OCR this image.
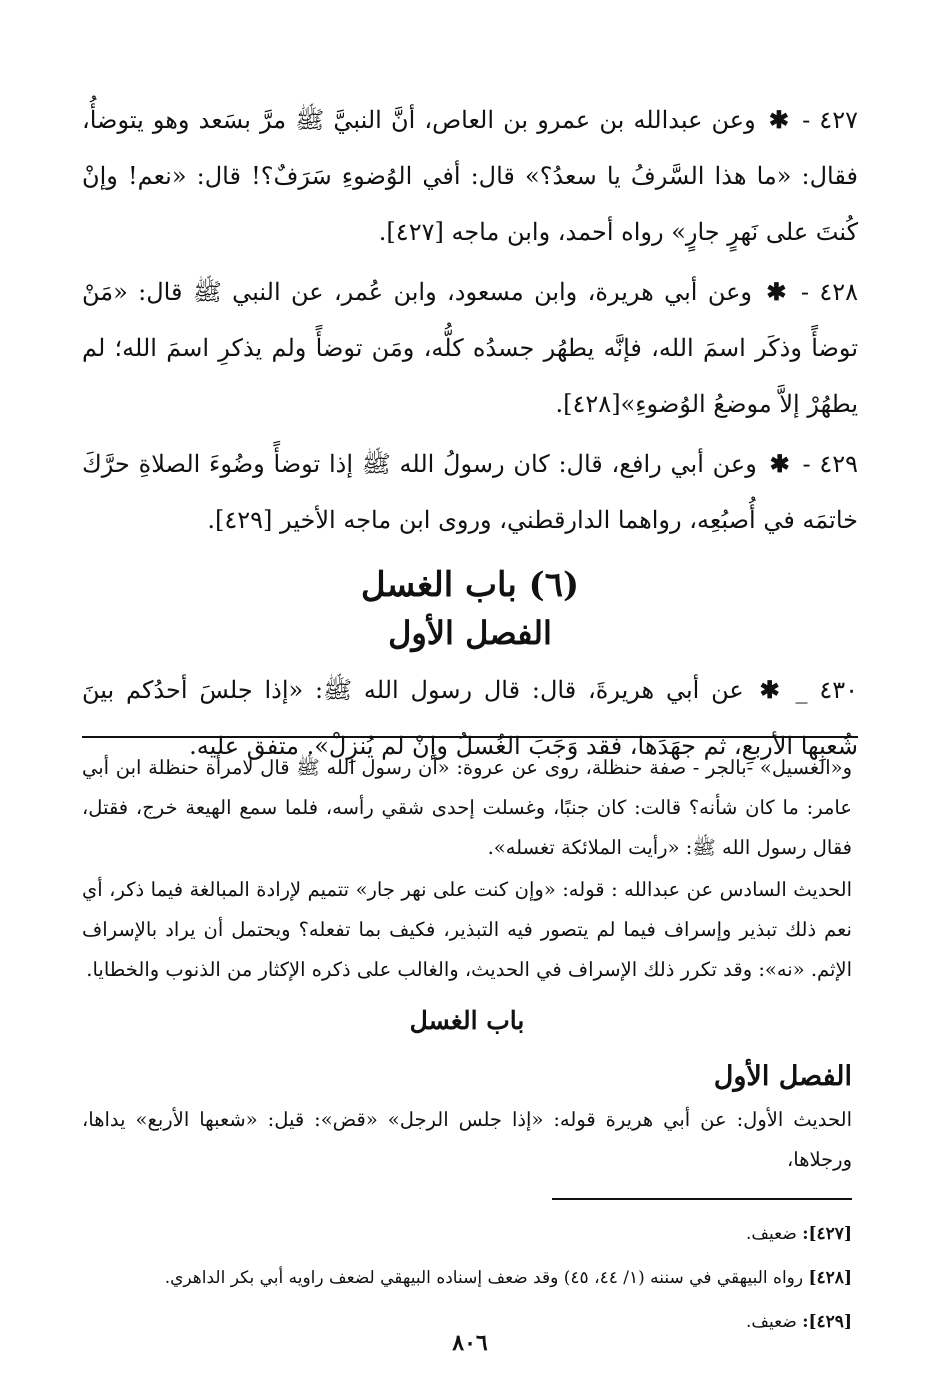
٤٢٧ - ✱ وعن عبدالله بن عمرو بن العاص، أنَّ النبيَّ ﷺ مرَّ بسَعد وهو يتوضأُ، فقال: «ما هذا السَّرفُ يا سعدُ؟» قال: أفي الوُضوءِ سَرَفٌ؟! قال: «نعم! وإنْ كُنتَ على نَهرٍ جارٍ» رواه أحمد، وابن ماجه [٤٢٧].

٤٢٨ - ✱ وعن أبي هريرة، وابن مسعود، وابن عُمر، عن النبي ﷺ قال: «مَنْ توضأً وذكَر اسمَ الله، فإنَّه يطهُر جسدُه كلُّه، ومَن توضأً ولم يذكرِ اسمَ الله؛ لم يطهُرْ إلاَّ موضعُ الوُضوءِ»[٤٢٨].

٤٢٩ - ✱ وعن أبي رافع، قال: كان رسولُ الله ﷺ إذا توضأً وضُوءَ الصلاةِ حرَّكَ خاتمَه في أُصبُعِه، رواهما الدارقطني، وروى ابن ماجه الأخير [٤٢٩].

(٦) باب الغسل
الفصل الأول

٤٣٠ _ ✱ عن أبي هريرةَ، قال: قال رسول الله ﷺ: «إذا جلسَ أحدُكم بينَ شُعبِها الأربعِ، ثم جهَدَها، فقد وَجَبَ الغُسلُ وإنْ لم يُنزِلْ». متفق عليه.

و«الغسيل» -بالجر - صفة حنظلة، روى عن عروة: «أن رسول الله ﷺ قال لامرأة حنظلة ابن أبي عامر: ما كان شأنه؟ قالت: كان جنبًا، وغسلت إحدى شقي رأسه، فلما سمع الهيعة خرج، فقتل، فقال رسول الله ﷺ: «رأيت الملائكة تغسله».

الحديث السادس عن عبدالله : قوله: «وإن كنت على نهر جار» تتميم لإرادة المبالغة فيما ذكر، أي نعم ذلك تبذير وإسراف فيما لم يتصور فيه التبذير، فكيف بما تفعله؟ ويحتمل أن يراد بالإسراف الإثم. «نه»: وقد تكرر ذلك الإسراف في الحديث، والغالب على ذكره الإكثار من الذنوب والخطايا.

باب الغسل
الفصل الأول

الحديث الأول: عن أبي هريرة قوله: «إذا جلس الرجل» «قض»: قيل: «شعبها الأربع» يداها، ورجلاها،

[٤٢٧]: ضعيف.

[٤٢٨] رواه البيهقي في سننه (١/ ٤٤، ٤٥) وقد ضعف إسناده البيهقي لضعف راويه أبي بكر الداهري.

[٤٢٩]: ضعيف.

٨٠٦
